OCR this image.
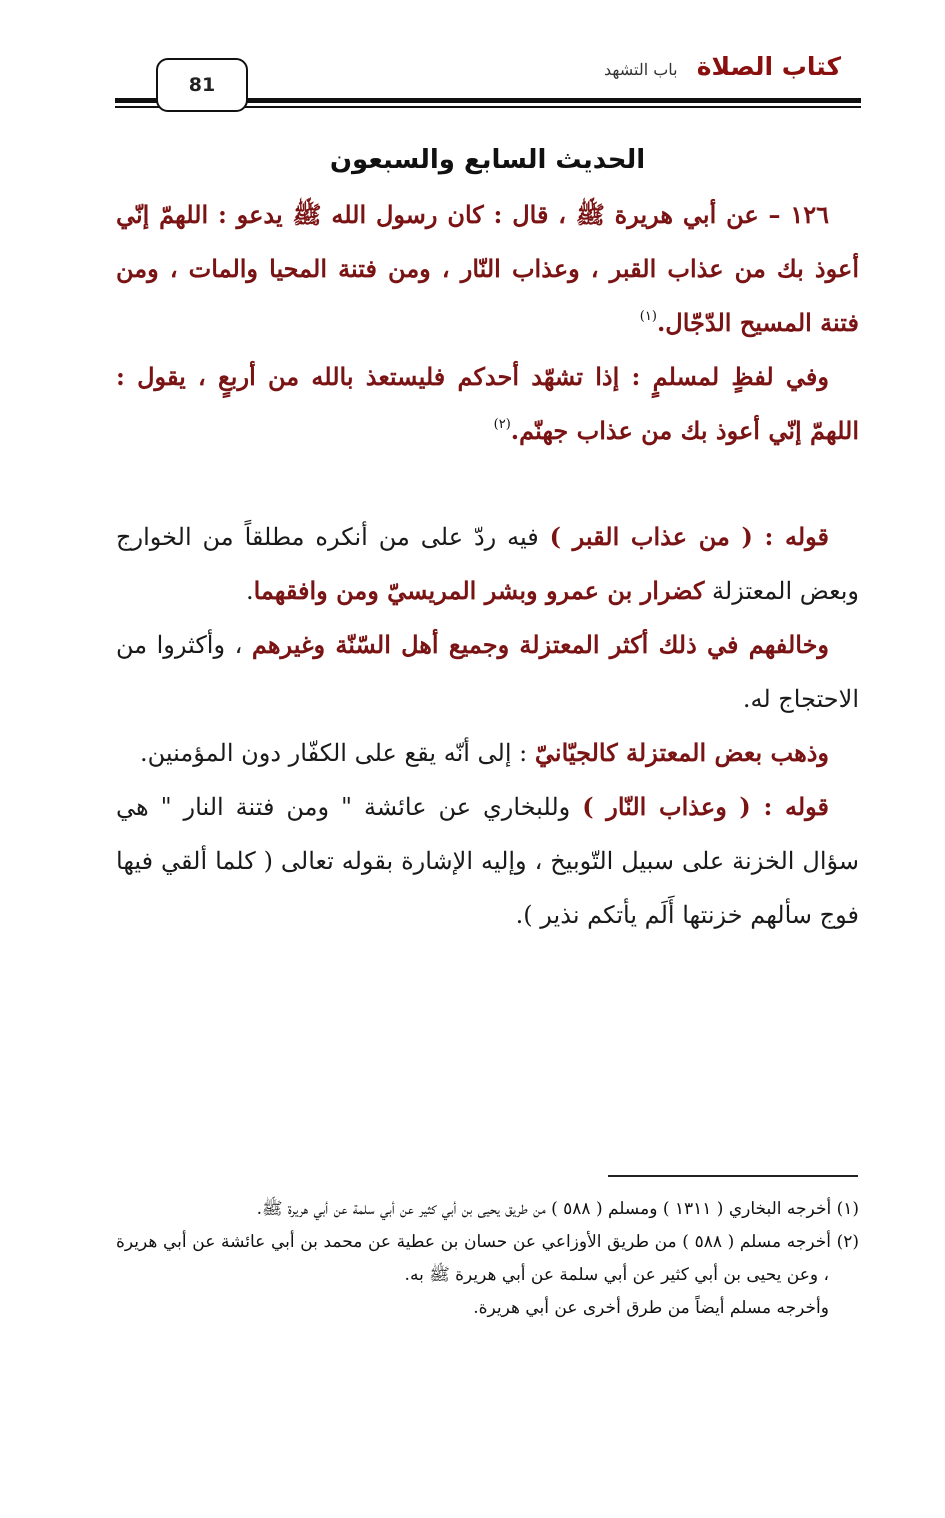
81
كتاب الصلاة باب التشهد
الحديث السابع والسبعون

١٢٦ – عن أبي هريرة ﷺ ، قال : كان رسول الله ﷺ يدعو : اللهمّ إنّي أعوذ بك من عذاب القبر ، وعذاب النّار ، ومن فتنة المحيا والمات ، ومن فتنة المسيح الدّجّال.$^{(١)}$

وفي لفظٍ لمسلمٍ : إذا تشهّد أحدكم فليستعذ بالله من أربعٍ ، يقول : اللهمّ إنّي أعوذ بك من عذاب جهنّم.$^{(٢)}$

قوله : ( من عذاب القبر ) فيه ردّ على من أنكره مطلقاً من الخوارج وبعض المعتزلة كضرار بن عمرو وبشر المريسيّ ومن وافقهما.

وخالفهم في ذلك أكثر المعتزلة وجميع أهل السّنّة وغيرهم ، وأكثروا من الاحتجاج له.

وذهب بعض المعتزلة كالجيّانيّ : إلى أنّه يقع على الكفّار دون المؤمنين.

قوله : ( وعذاب النّار ) وللبخاري عن عائشة " ومن فتنة النار " هي سؤال الخزنة على سبيل التّوبيخ ، وإليه الإشارة بقوله تعالى ( كلما ألقي فيها فوج سألهم خزنتها أَلَم يأتكم نذير ).

(١) أخرجه البخاري ( ١٣١١ ) ومسلم ( ٥٨٨ ) من طريق يحيى بن أبي كثير عن أبي سلمة عن أبي هريرة ﷺ.

(٢) أخرجه مسلم ( ٥٨٨ ) من طريق الأوزاعي عن حسان بن عطية عن محمد بن أبي عائشة عن أبي هريرة ، وعن يحيى بن أبي كثير عن أبي سلمة عن أبي هريرة ﷺ به.

وأخرجه مسلم أيضاً من طرق أخرى عن أبي هريرة.
